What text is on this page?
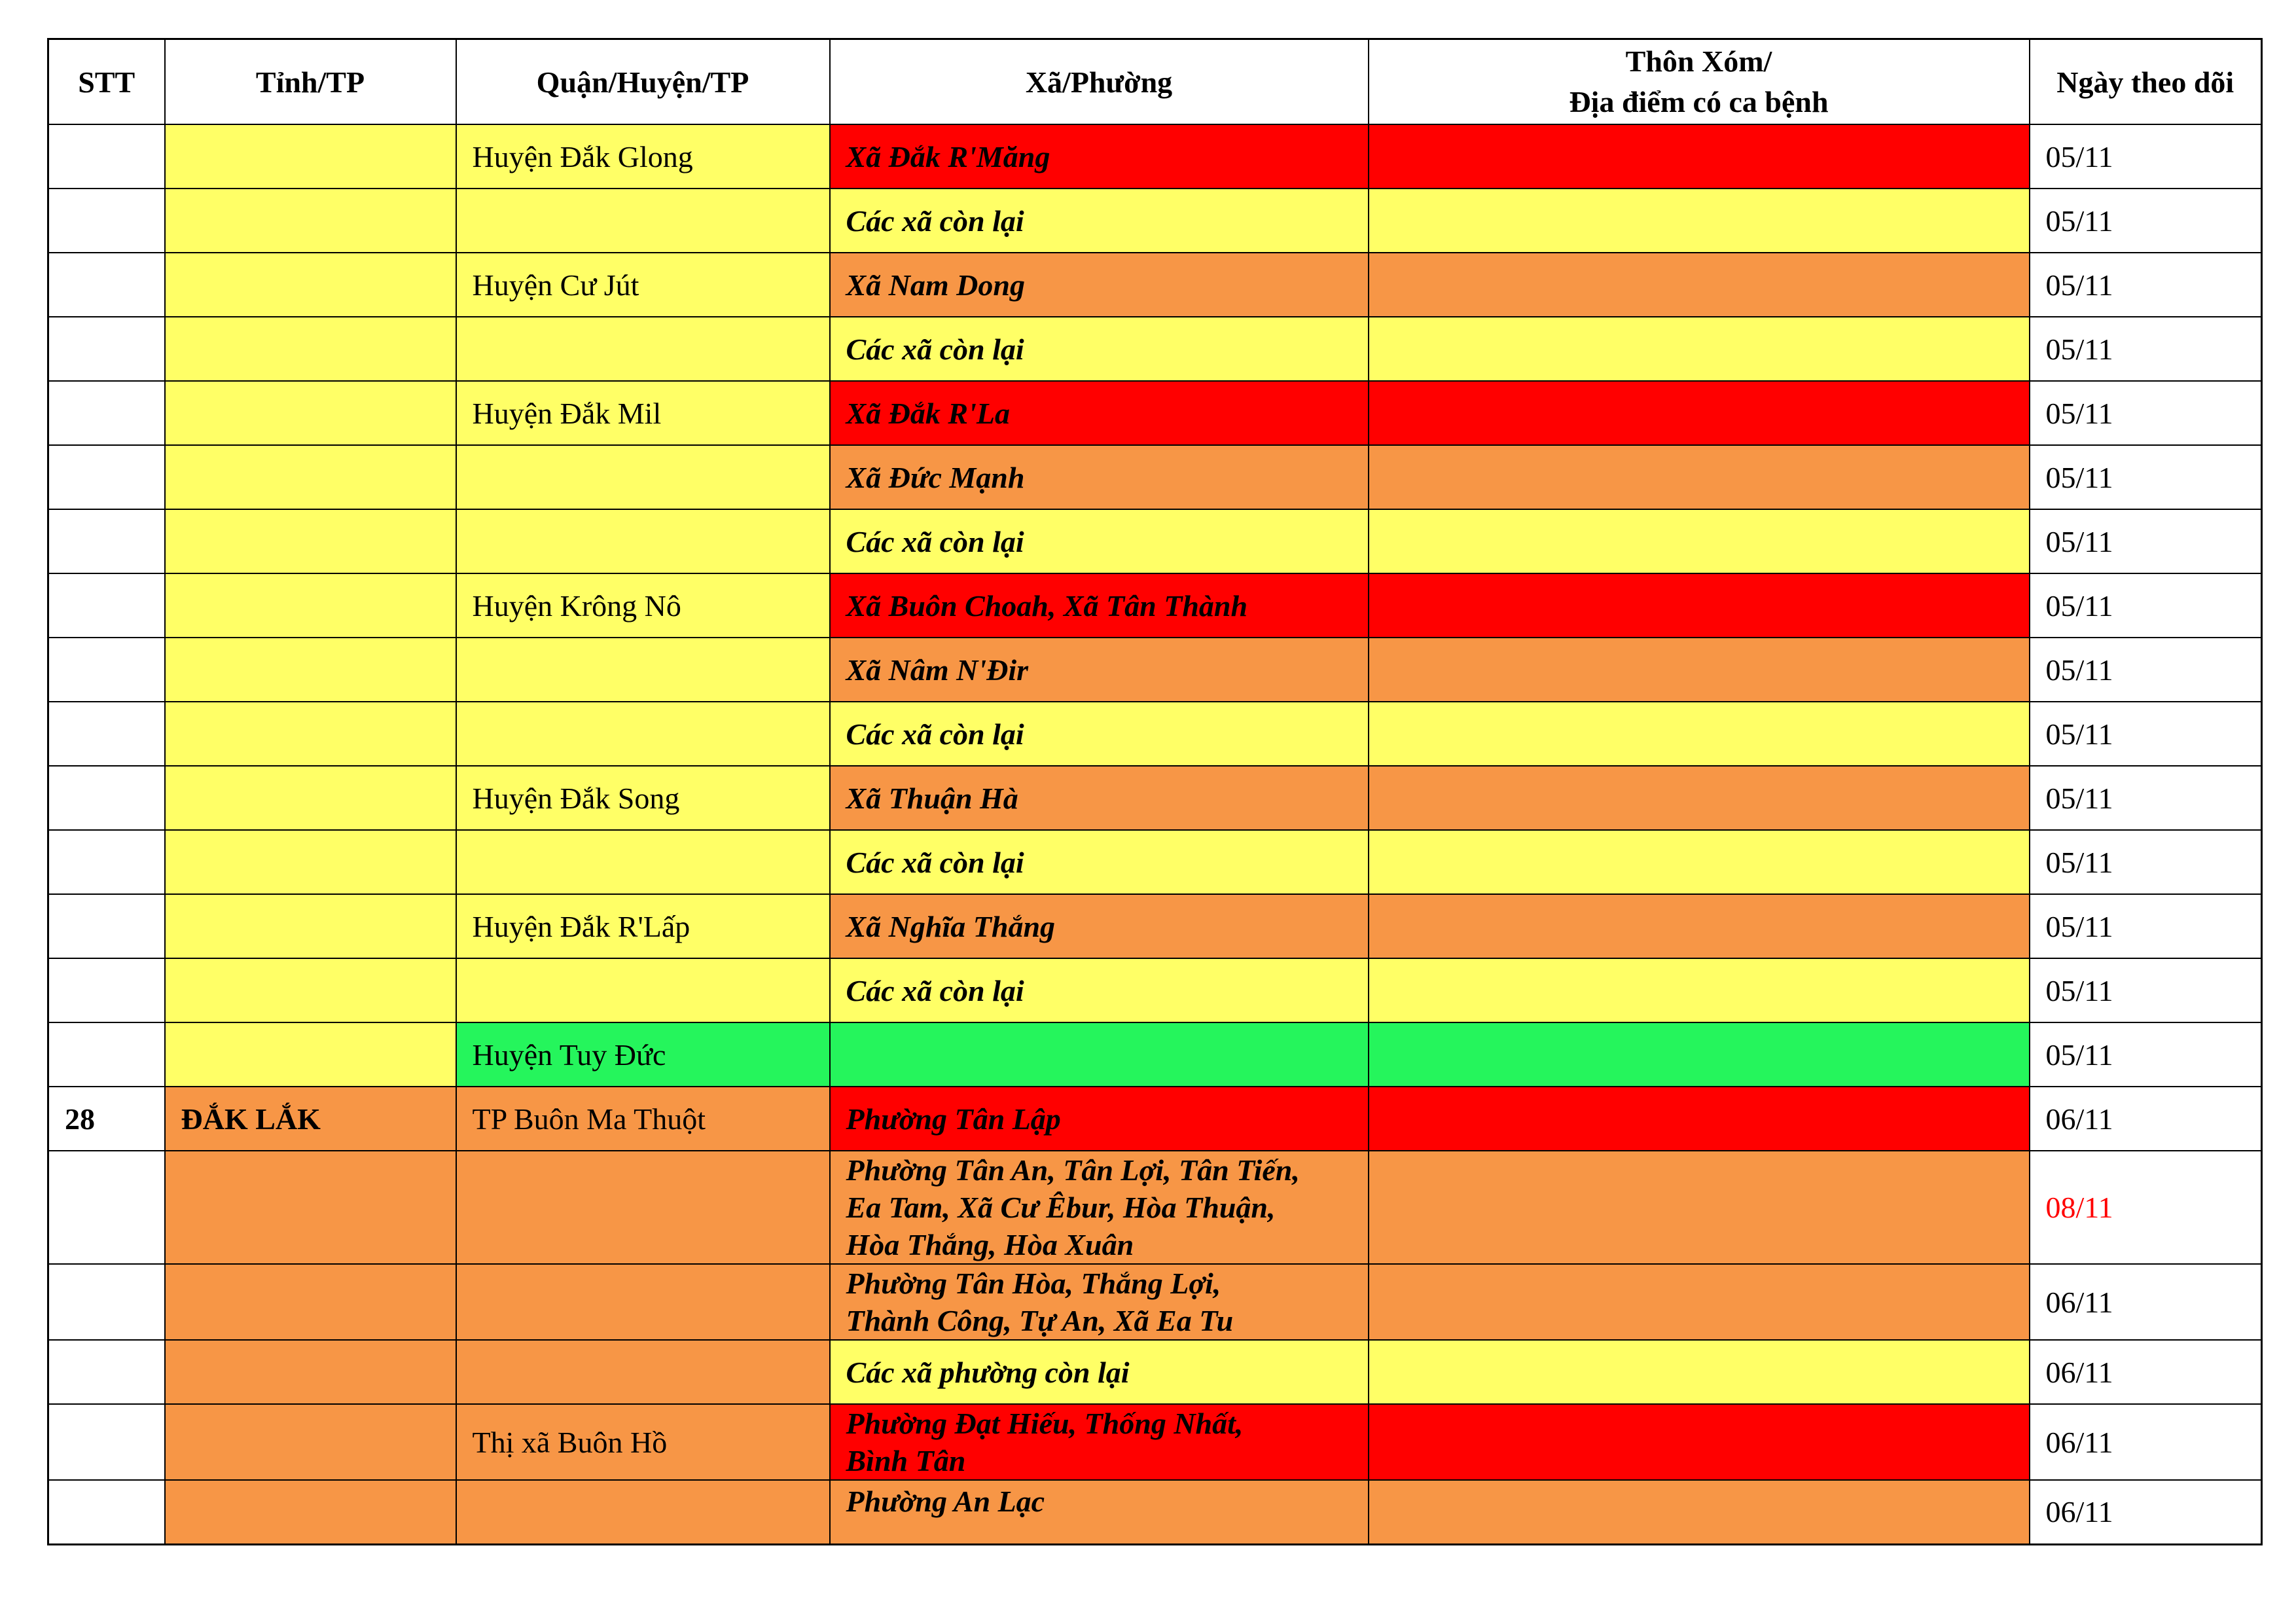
STT	Tỉnh/TP	Quận/Huyện/TP	Xã/Phường	Thôn Xóm/
Địa điểm có ca bệnh	Ngày theo dõi
		Huyện Đắk Glong	Xã Đắk R'Măng		05/11

			Các xã còn lại		05/11
		Huyện Cư Jút	Xã Nam Dong		05/11

			Các xã còn lại		05/11
		Huyện Đắk Mil	Xã Đắk R'La		05/11

			Xã Đức Mạnh		05/11

			Các xã còn lại		05/11
		Huyện Krông Nô	Xã Buôn Choah, Xã Tân Thành		05/11

			Xã Nâm N'Đir		05/11

			Các xã còn lại		05/11
		Huyện Đắk Song	Xã Thuận Hà		05/11

			Các xã còn lại		05/11
		Huyện Đắk R'Lấp	Xã Nghĩa Thắng		05/11

			Các xã còn lại		05/11
		Huyện Tuy Đức			05/11
28	ĐẮK LẮK	TP Buôn Ma Thuột	Phường Tân Lập		06/11

			Phường Tân An, Tân Lợi, Tân Tiến,
Ea Tam, Xã Cư Êbur, Hòa Thuận,
Hòa Thắng, Hòa Xuân		08/11

			Phường Tân Hòa, Thắng Lợi,
Thành Công, Tự An, Xã Ea Tu		06/11

			Các xã phường còn lại		06/11
		Thị xã Buôn Hồ	Phường Đạt Hiếu, Thống Nhất,
Bình Tân		06/11

			Phường An Lạc		06/11
